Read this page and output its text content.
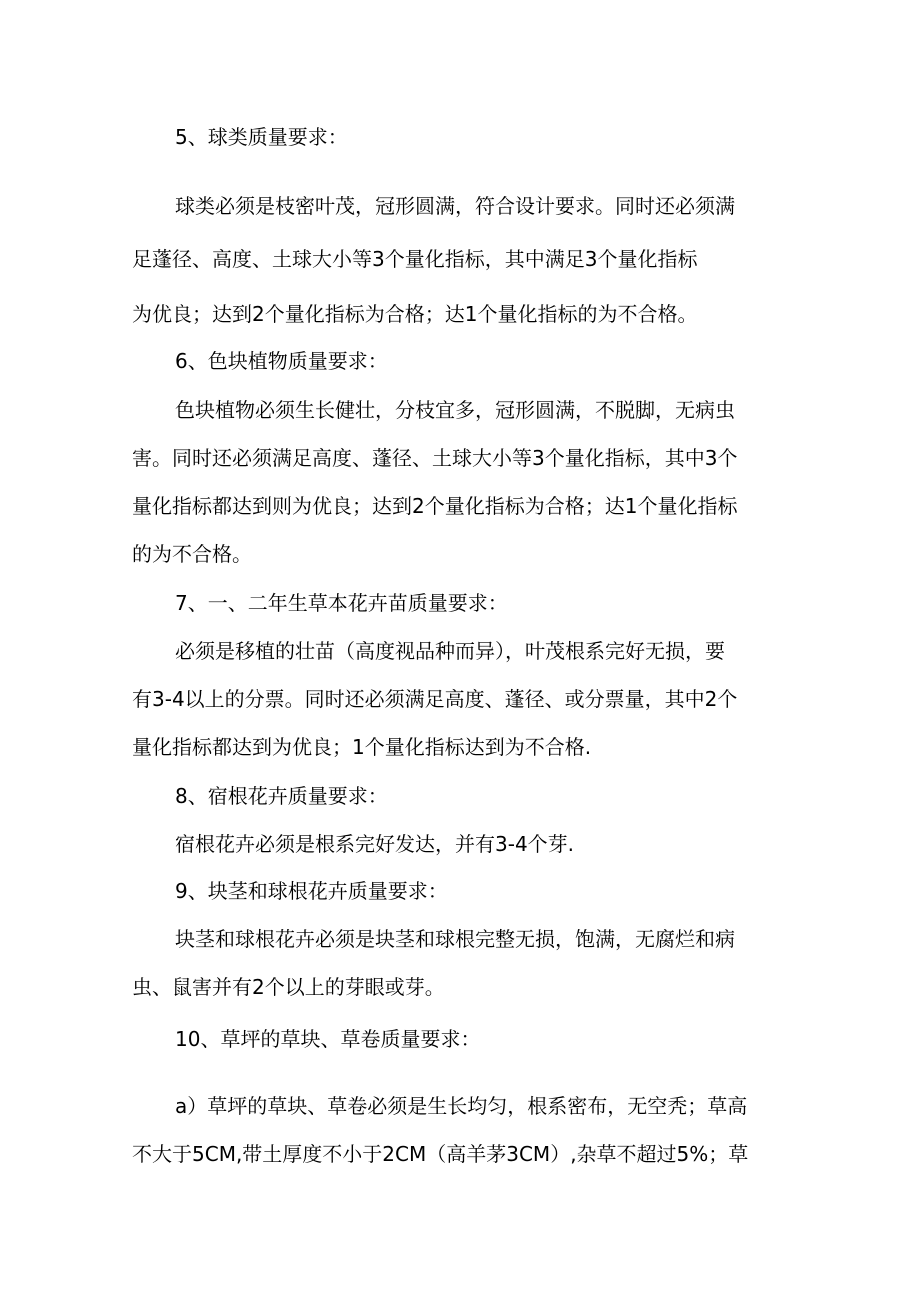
5、球类质量要求：
球类必须是枝密叶茂，冠形圆满，符合设计要求。同时还必须满
足蓬径、高度、土球大小等3个量化指标，其中满足3个量化指标
为优良；达到2个量化指标为合格；达1个量化指标的为不合格。
6、色块植物质量要求：
色块植物必须生长健壮，分枝宜多，冠形圆满，不脱脚，无病虫
害。同时还必须满足高度、蓬径、土球大小等3个量化指标，其中3个
量化指标都达到则为优良；达到2个量化指标为合格；达1个量化指标
的为不合格。
7、一、二年生草本花卉苗质量要求：
必须是移植的壮苗（高度视品种而异），叶茂根系完好无损，要
有3-4以上的分票。同时还必须满足高度、蓬径、或分票量，其中2个
量化指标都达到为优良；1个量化指标达到为不合格.
8、宿根花卉质量要求：
宿根花卉必须是根系完好发达，并有3-4个芽.
9、块茎和球根花卉质量要求：
块茎和球根花卉必须是块茎和球根完整无损，饱满，无腐烂和病
虫、鼠害并有2个以上的芽眼或芽。
10、草坪的草块、草卷质量要求：
a）草坪的草块、草卷必须是生长均匀，根系密布，无空秃；草高
不大于5CM,带土厚度不小于2CM（高羊茅3CM）,杂草不超过5%；草
